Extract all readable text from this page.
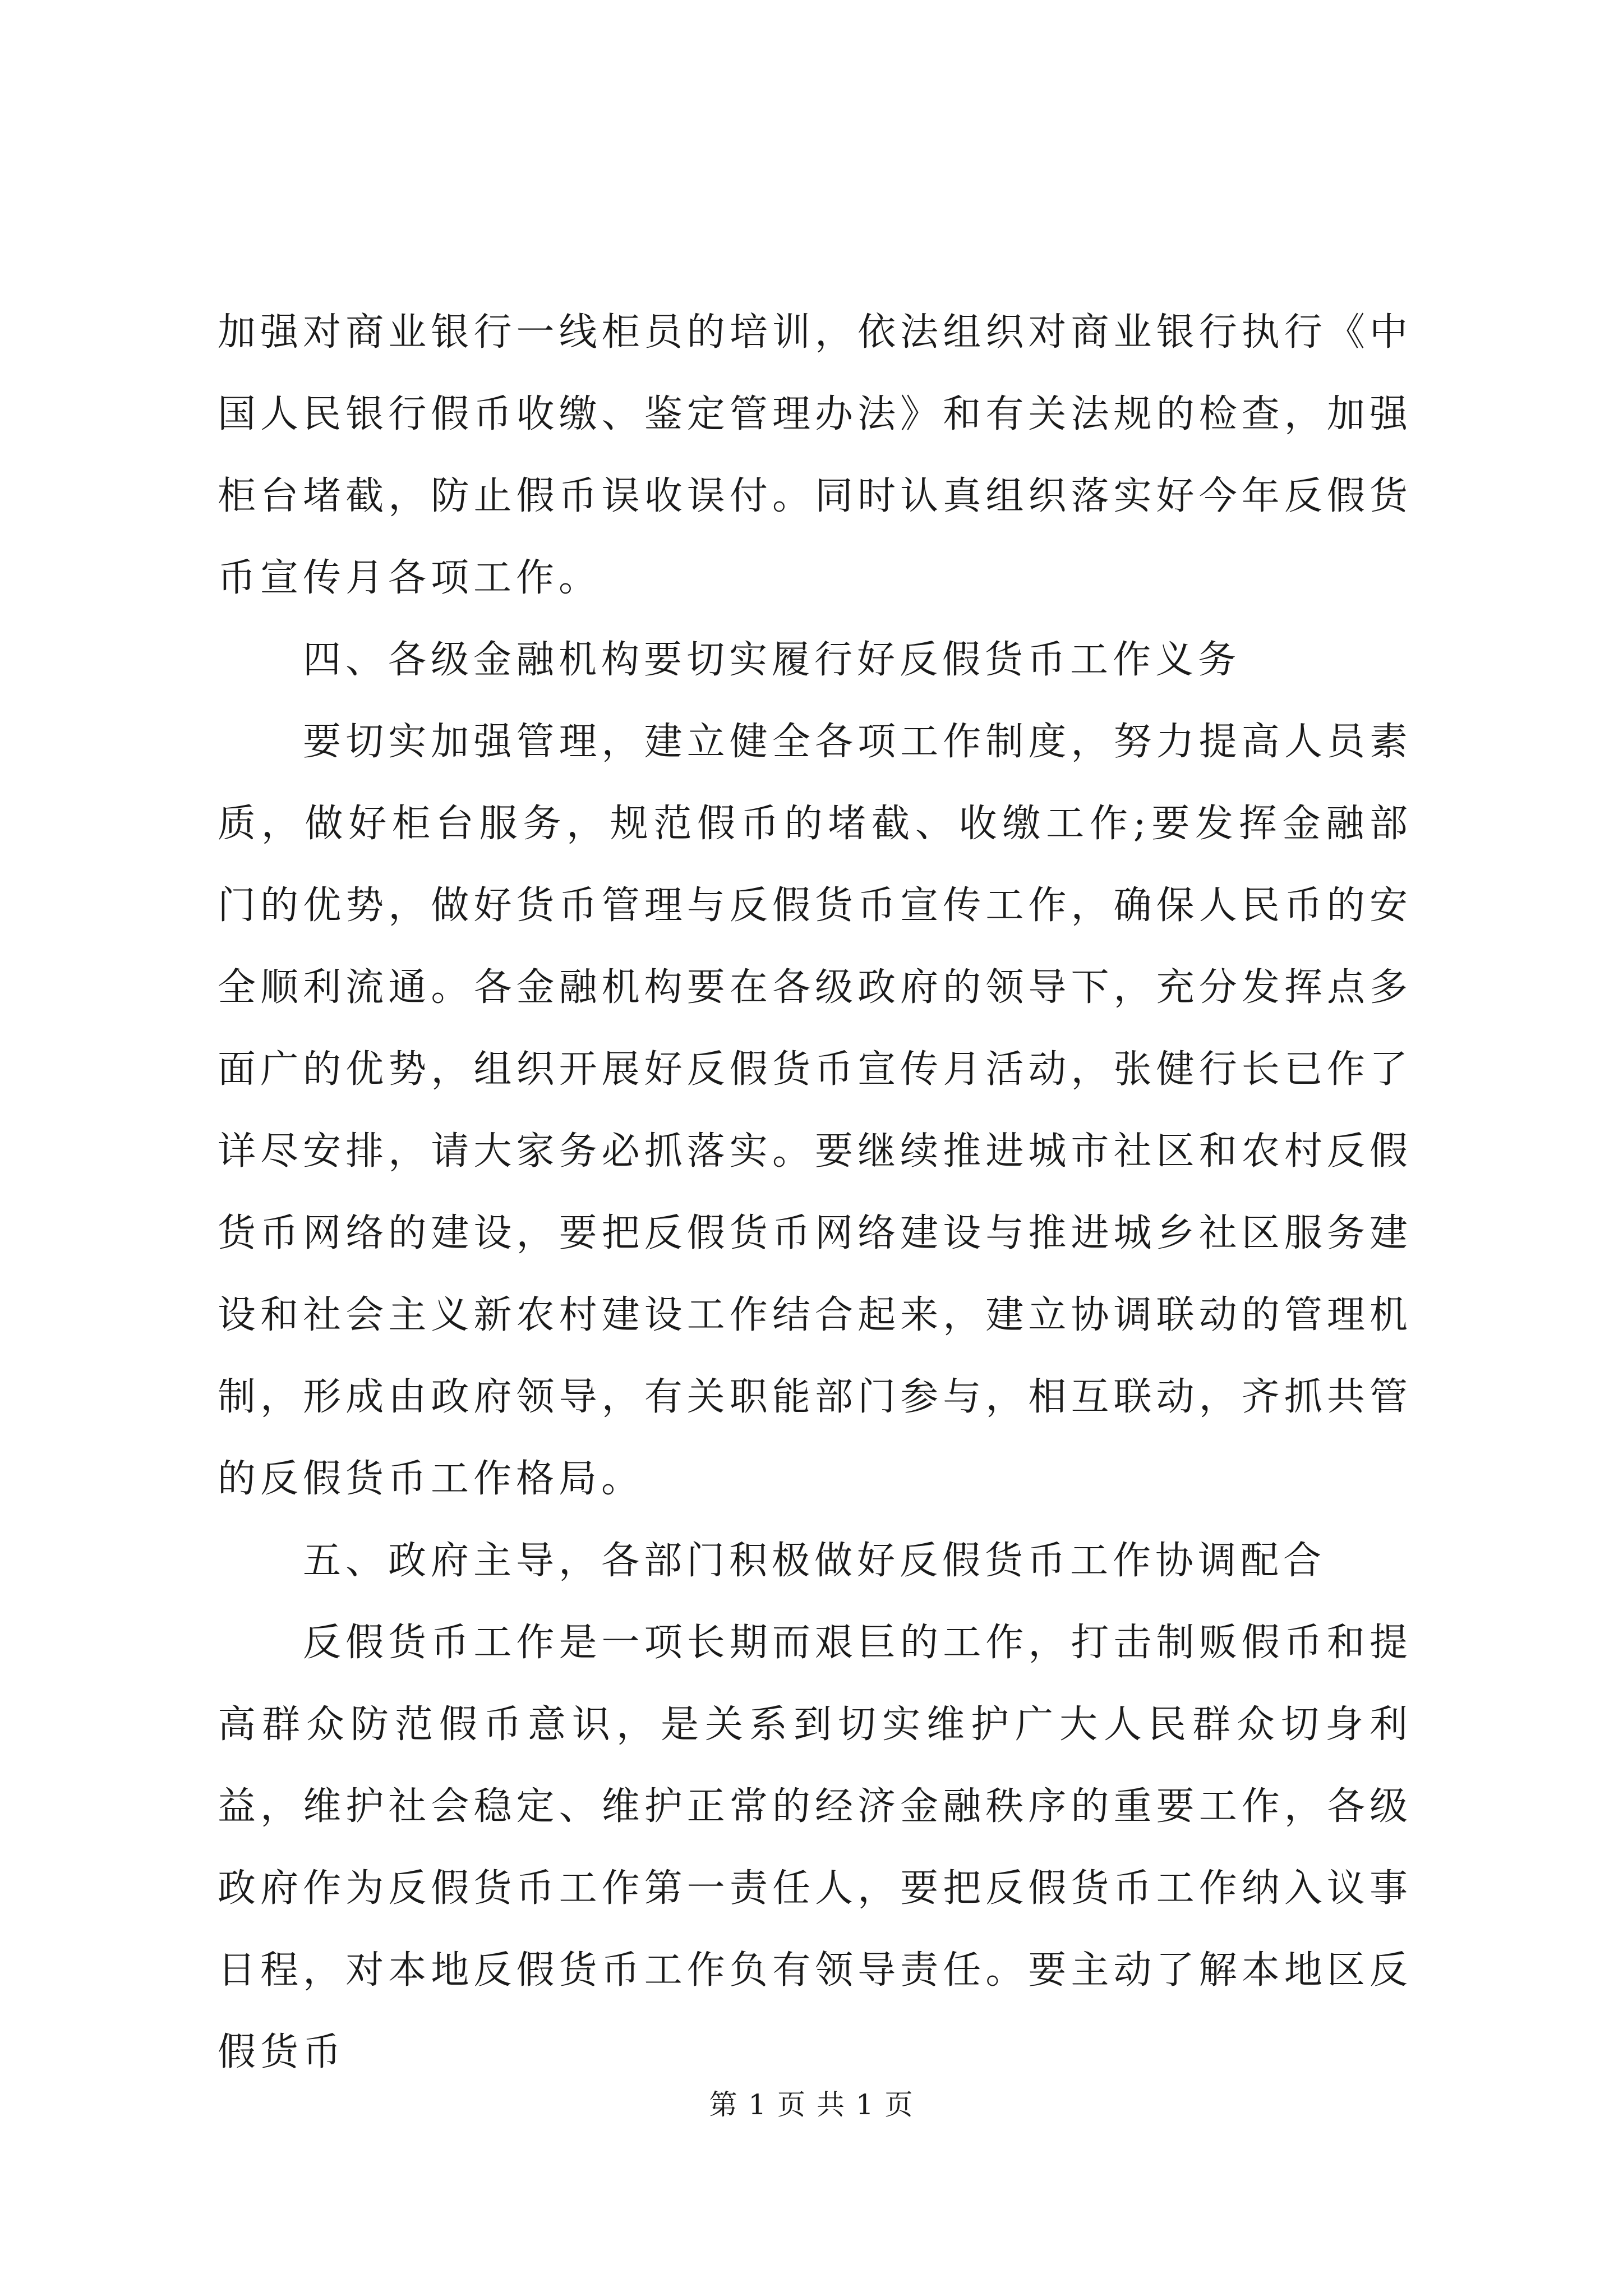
加强对商业银行一线柜员的培训，依法组织对商业银行执行《中国人民银行假币收缴、鉴定管理办法》和有关法规的检查，加强柜台堵截，防止假币误收误付。同时认真组织落实好今年反假货币宣传月各项工作。

四、各级金融机构要切实履行好反假货币工作义务

要切实加强管理，建立健全各项工作制度，努力提高人员素质，做好柜台服务，规范假币的堵截、收缴工作;要发挥金融部门的优势，做好货币管理与反假货币宣传工作，确保人民币的安全顺利流通。各金融机构要在各级政府的领导下，充分发挥点多面广的优势，组织开展好反假货币宣传月活动，张健行长已作了详尽安排，请大家务必抓落实。要继续推进城市社区和农村反假货币网络的建设，要把反假货币网络建设与推进城乡社区服务建设和社会主义新农村建设工作结合起来，建立协调联动的管理机制，形成由政府领导，有关职能部门参与，相互联动，齐抓共管的反假货币工作格局。

五、政府主导，各部门积极做好反假货币工作协调配合

反假货币工作是一项长期而艰巨的工作，打击制贩假币和提高群众防范假币意识，是关系到切实维护广大人民群众切身利益，维护社会稳定、维护正常的经济金融秩序的重要工作，各级政府作为反假货币工作第一责任人，要把反假货币工作纳入议事日程，对本地反假货币工作负有领导责任。要主动了解本地区反假货币

第 1 页 共 1 页
